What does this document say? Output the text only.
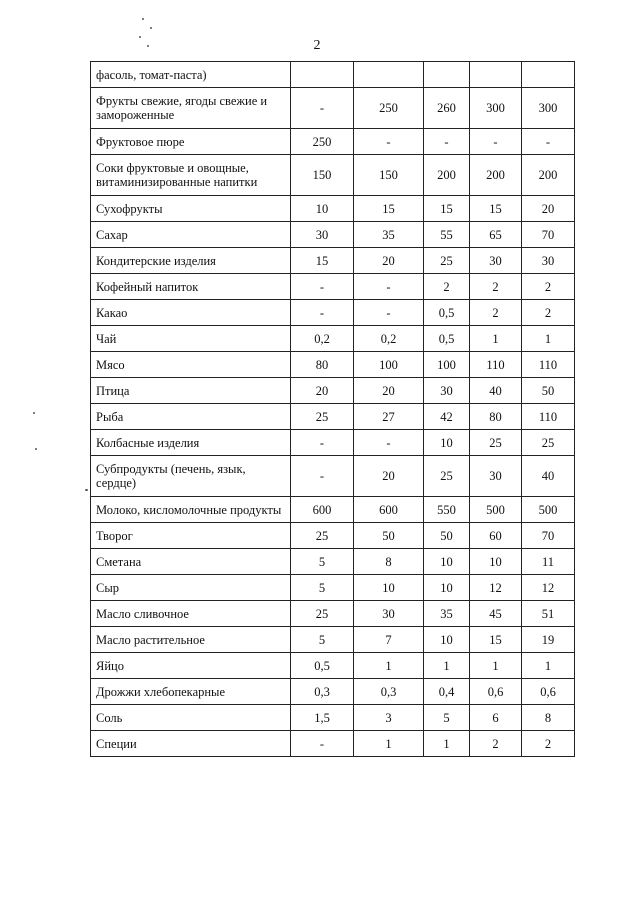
2
фасоль, томат-паста)					
Фрукты свежие, ягоды свежие и замороженные	-	250	260	300	300
Фруктовое пюре	250	-	-	-	-
Соки фруктовые и овощные, витаминизированные напитки	150	150	200	200	200
Сухофрукты	10	15	15	15	20
Сахар	30	35	55	65	70
Кондитерские изделия	15	20	25	30	30
Кофейный напиток	-	-	2	2	2
Какао	-	-	0,5	2	2
Чай	0,2	0,2	0,5	1	1
Мясо	80	100	100	110	110
Птица	20	20	30	40	50
Рыба	25	27	42	80	110
Колбасные изделия	-	-	10	25	25
Субпродукты (печень, язык, сердце)	-	20	25	30	40
Молоко, кисломолочные продукты	600	600	550	500	500
Творог	25	50	50	60	70
Сметана	5	8	10	10	11
Сыр	5	10	10	12	12
Масло сливочное	25	30	35	45	51
Масло растительное	5	7	10	15	19
Яйцо	0,5	1	1	1	1
Дрожжи хлебопекарные	0,3	0,3	0,4	0,6	0,6
Соль	1,5	3	5	6	8
Специи	-	1	1	2	2
